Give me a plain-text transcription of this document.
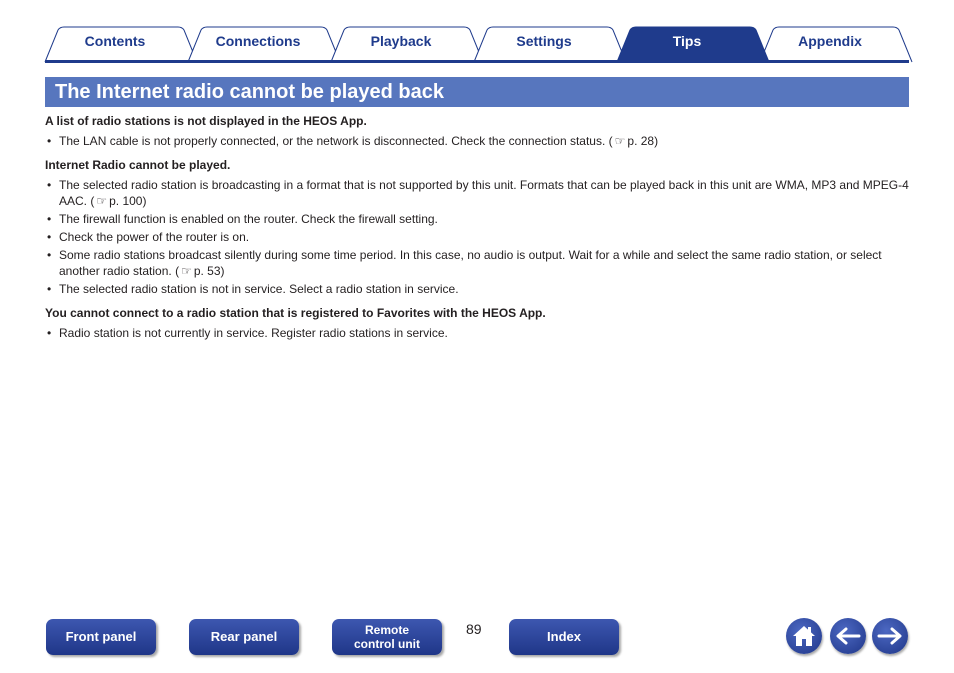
Contents	Connections	Playback	Settings	Tips	Appendix
The Internet radio cannot be played back

A list of radio stations is not displayed in the HEOS App.

• The LAN cable is not properly connected, or the network is disconnected. Check the connection status. ( ☞ p. 28)

Internet Radio cannot be played.

• The selected radio station is broadcasting in a format that is not supported by this unit. Formats that can be played back in this unit are WMA, MP3 and MPEG-4 AAC. ( ☞ p. 100)
• The firewall function is enabled on the router. Check the firewall setting.
• Check the power of the router is on.
• Some radio stations broadcast silently during some time period. In this case, no audio is output. Wait for a while and select the same radio station, or select another radio station. ( ☞ p. 53)
• The selected radio station is not in service. Select a radio station in service.

You cannot connect to a radio station that is registered to Favorites with the HEOS App.

• Radio station is not currently in service. Register radio stations in service.
Front panel	Rear panel	Remote control unit
89	Index
